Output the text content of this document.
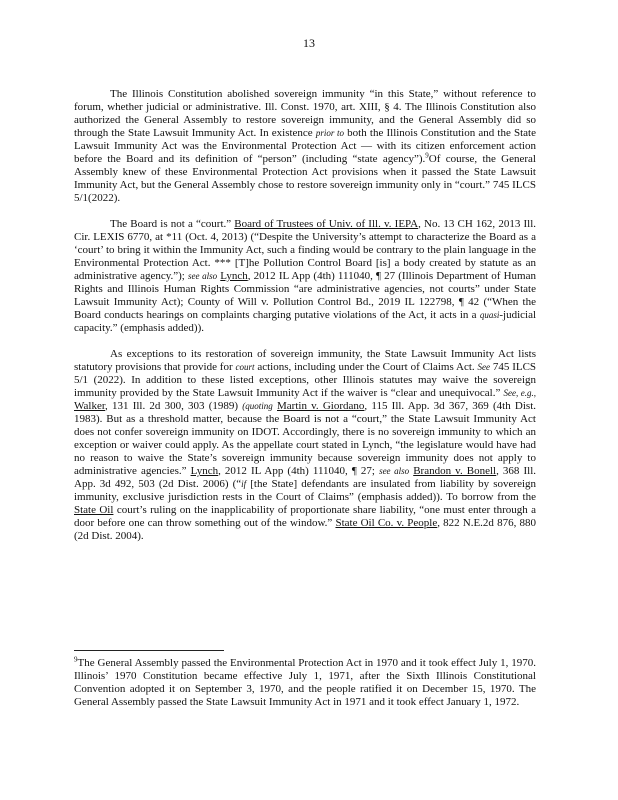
13

The Illinois Constitution abolished sovereign immunity “in this State,” without reference to forum, whether judicial or administrative. Ill. Const. 1970, art. XIII, § 4. The Illinois Constitution also authorized the General Assembly to restore sovereign immunity, and the General Assembly did so through the State Lawsuit Immunity Act. In existence prior to both the Illinois Constitution and the State Lawsuit Immunity Act was the Environmental Protection Act — with its citizen enforcement action before the Board and its definition of “person” (including “state agency”).$^9$Of course, the General Assembly knew of these Environmental Protection Act provisions when it passed the State Lawsuit Immunity Act, but the General Assembly chose to restore sovereign immunity only in “court.” 745 ILCS 5/1(2022).

The Board is not a “court.” Board of Trustees of Univ. of Ill. v. IEPA, No. 13 CH 162, 2013 Ill. Cir. LEXIS 6770, at *11 (Oct. 4, 2013) (“Despite the University’s attempt to characterize the Board as a ‘court’ to bring it within the Immunity Act, such a finding would be contrary to the plain language in the Environmental Protection Act. *** [T]he Pollution Control Board [is] a body created by statute as an administrative agency.”); see also Lynch, 2012 IL App (4th) 111040, ¶ 27 (Illinois Department of Human Rights and Illinois Human Rights Commission “are administrative agencies, not courts” under State Lawsuit Immunity Act); County of Will v. Pollution Control Bd., 2019 IL 122798, ¶ 42 (“When the Board conducts hearings on complaints charging putative violations of the Act, it acts in a quasi-judicial capacity.” (emphasis added)).

As exceptions to its restoration of sovereign immunity, the State Lawsuit Immunity Act lists statutory provisions that provide for court actions, including under the Court of Claims Act. See 745 ILCS 5/1 (2022). In addition to these listed exceptions, other Illinois statutes may waive the sovereign immunity provided by the State Lawsuit Immunity Act if the waiver is “clear and unequivocal.” See, e.g., Walker, 131 Ill. 2d 300, 303 (1989) (quoting Martin v. Giordano, 115 Ill. App. 3d 367, 369 (4th Dist. 1983). But as a threshold matter, because the Board is not a “court,” the State Lawsuit Immunity Act does not confer sovereign immunity on IDOT. Accordingly, there is no sovereign immunity to which an exception or waiver could apply. As the appellate court stated in Lynch, “the legislature would have had no reason to waive the State’s sovereign immunity because sovereign immunity does not apply to administrative agencies.” Lynch, 2012 IL App (4th) 111040, ¶ 27; see also Brandon v. Bonell, 368 Ill. App. 3d 492, 503 (2d Dist. 2006) (“if [the State] defendants are insulated from liability by sovereign immunity, exclusive jurisdiction rests in the Court of Claims” (emphasis added)). To borrow from the State Oil court’s ruling on the inapplicability of proportionate share liability, “one must enter through a door before one can throw something out of the window.” State Oil Co. v. People, 822 N.E.2d 876, 880 (2d Dist. 2004).

$^9$The General Assembly passed the Environmental Protection Act in 1970 and it took effect July 1, 1970. Illinois’ 1970 Constitution became effective July 1, 1971, after the Sixth Illinois Constitutional Convention adopted it on September 3, 1970, and the people ratified it on December 15, 1970. The General Assembly passed the State Lawsuit Immunity Act in 1971 and it took effect January 1, 1972.
